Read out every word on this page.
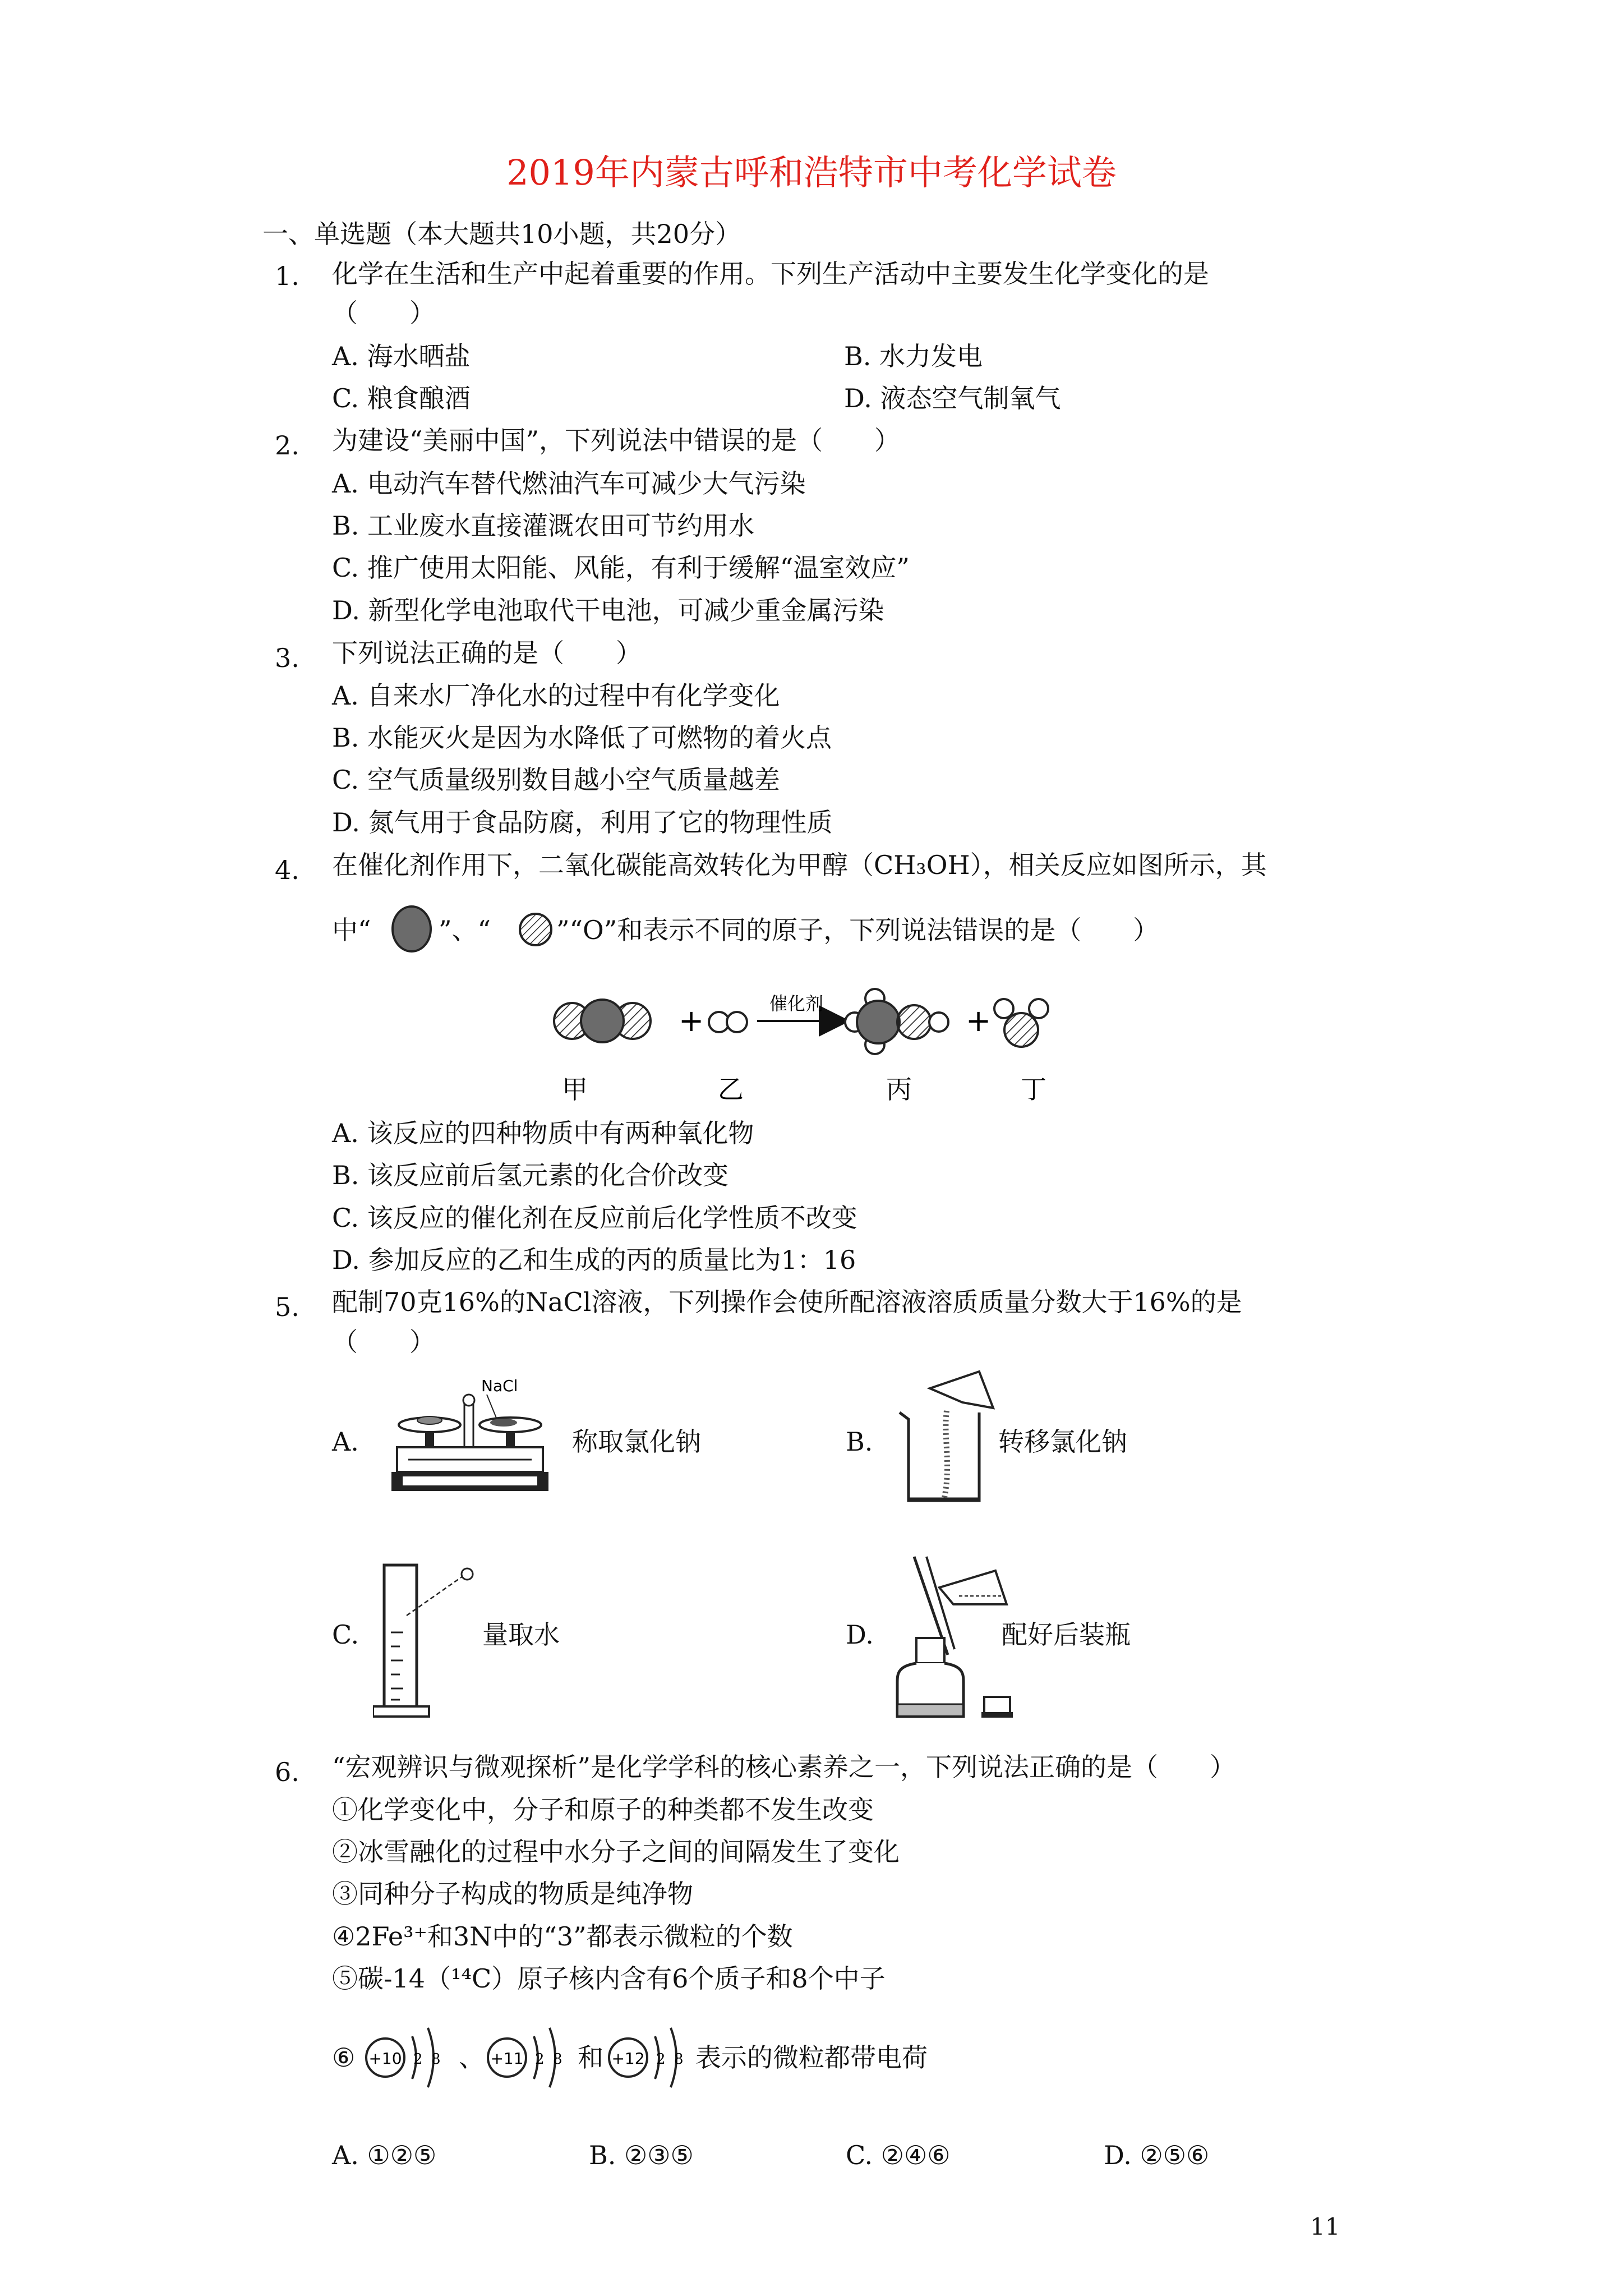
2019年内蒙古呼和浩特市中考化学试卷
一、单选题（本大题共10小题，共20分）
1. 化学在生活和生产中起着重要的作用。下列生产活动中主要发生化学变化的是
（　　）
A. 海水晒盐	B. 水力发电
C. 粮食酿酒	D. 液态空气制氧气
2. 为建设“美丽中国”，下列说法中错误的是（　　）
A. 电动汽车替代燃油汽车可减少大气污染
B. 工业废水直接灌溉农田可节约用水
C. 推广使用太阳能、风能，有利于缓解“温室效应”
D. 新型化学电池取代干电池，可减少重金属污染
3. 下列说法正确的是（　　）
A. 自来水厂净化水的过程中有化学变化
B. 水能灭火是因为水降低了可燃物的着火点
C. 空气质量级别数目越小空气质量越差
D. 氮气用于食品防腐，利用了它的物理性质
4. 在催化剂作用下，二氧化碳能高效转化为甲醇（CH₃OH），相关反应如图所示，其
中“	”、“	”“O”和表示不同的原子，下列说法错误的是（　　）
+	催化剂	+
甲	乙	丙	丁
A. 该反应的四种物质中有两种氧化物
B. 该反应前后氢元素的化合价改变
C. 该反应的催化剂在反应前后化学性质不改变
D. 参加反应的乙和生成的丙的质量比为1：16
5. 配制70克16%的NaCl溶液，下列操作会使所配溶液溶质质量分数大于16%的是
（　　）
A.
NaCl
称取氯化钠	B.	转移氯化钠
C.	量取水	D.	配好后装瓶
6. “宏观辨识与微观探析”是化学学科的核心素养之一，下列说法正确的是（　　）
①化学变化中，分子和原子的种类都不发生改变
②冰雪融化的过程中水分子之间的间隔发生了变化
③同种分子构成的物质是纯净物
④2Fe³⁺和3N中的“3”都表示微粒的个数
⑤碳-14（¹⁴C）原子核内含有6个质子和8个中子
⑥ +10 2 8 、 +11 2 8 和 +12 2 8 表示的微粒都带电荷
A. ①②⑤	B. ②③⑤	C. ②④⑥	D. ②⑤⑥
11
